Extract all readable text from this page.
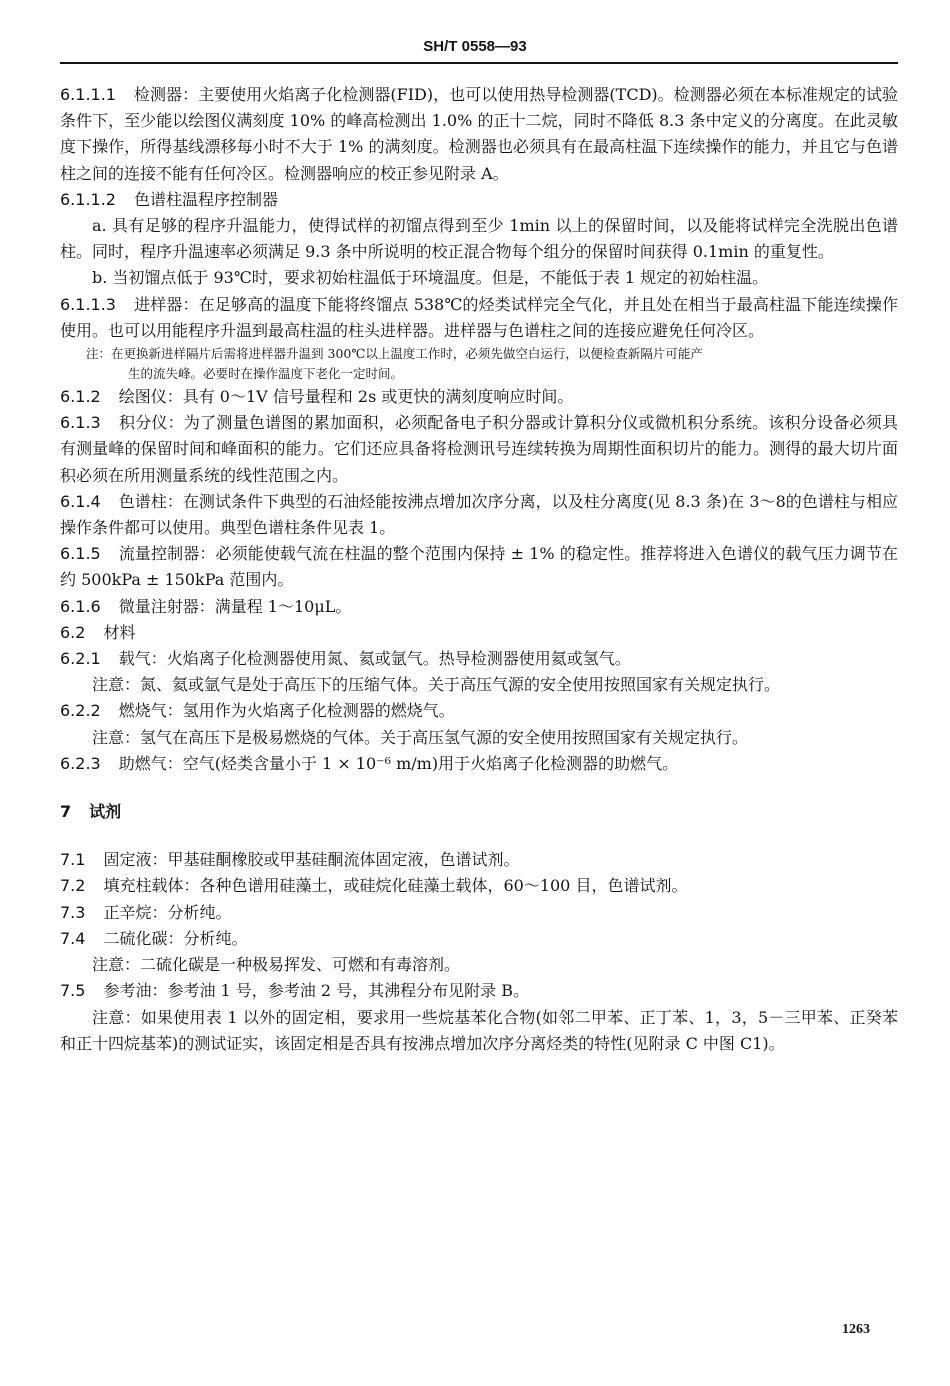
SH/T 0558—93

6.1.1.1 检测器：主要使用火焰离子化检测器(FID)，也可以使用热导检测器(TCD)。检测器必须在本标准规定的试验条件下，至少能以绘图仪满刻度 10% 的峰高检测出 1.0% 的正十二烷，同时不降低 8.3 条中定义的分离度。在此灵敏度下操作，所得基线漂移每小时不大于 1% 的满刻度。检测器也必须具有在最高柱温下连续操作的能力，并且它与色谱柱之间的连接不能有任何冷区。检测器响应的校正参见附录 A。

6.1.1.2 色谱柱温程序控制器

a. 具有足够的程序升温能力，使得试样的初馏点得到至少 1min 以上的保留时间，以及能将试样完全洗脱出色谱柱。同时，程序升温速率必须满足 9.3 条中所说明的校正混合物每个组分的保留时间获得 0.1min 的重复性。

b. 当初馏点低于 93℃时，要求初始柱温低于环境温度。但是，不能低于表 1 规定的初始柱温。

6.1.1.3 进样器：在足够高的温度下能将终馏点 538℃的烃类试样完全气化，并且处在相当于最高柱温下能连续操作使用。也可以用能程序升温到最高柱温的柱头进样器。进样器与色谱柱之间的连接应避免任何冷区。

注：在更换新进样隔片后需将进样器升温到 300℃以上温度工作时，必须先做空白运行，以便检查新隔片可能产
生的流失峰。必要时在操作温度下老化一定时间。

6.1.2 绘图仪：具有 0～1V 信号量程和 2s 或更快的满刻度响应时间。

6.1.3 积分仪：为了测量色谱图的累加面积，必须配备电子积分器或计算积分仪或微机积分系统。该积分设备必须具有测量峰的保留时间和峰面积的能力。它们还应具备将检测讯号连续转换为周期性面积切片的能力。测得的最大切片面积必须在所用测量系统的线性范围之内。

6.1.4 色谱柱：在测试条件下典型的石油烃能按沸点增加次序分离，以及柱分离度(见 8.3 条)在 3～8的色谱柱与相应操作条件都可以使用。典型色谱柱条件见表 1。

6.1.5 流量控制器：必须能使载气流在柱温的整个范围内保持 ± 1% 的稳定性。推荐将进入色谱仪的载气压力调节在约 500kPa ± 150kPa 范围内。

6.1.6 微量注射器：满量程 1～10μL。

6.2 材料

6.2.1 载气：火焰离子化检测器使用氮、氦或氩气。热导检测器使用氦或氢气。

注意：氮、氦或氩气是处于高压下的压缩气体。关于高压气源的安全使用按照国家有关规定执行。

6.2.2 燃烧气：氢用作为火焰离子化检测器的燃烧气。

注意：氢气在高压下是极易燃烧的气体。关于高压氢气源的安全使用按照国家有关规定执行。

6.2.3 助燃气：空气(烃类含量小于 1 × 10⁻⁶ m/m)用于火焰离子化检测器的助燃气。

7 试剂

7.1 固定液：甲基硅酮橡胶或甲基硅酮流体固定液，色谱试剂。

7.2 填充柱载体：各种色谱用硅藻土，或硅烷化硅藻土载体，60～100 目，色谱试剂。

7.3 正辛烷：分析纯。

7.4 二硫化碳：分析纯。

注意：二硫化碳是一种极易挥发、可燃和有毒溶剂。

7.5 参考油：参考油 1 号，参考油 2 号，其沸程分布见附录 B。

注意：如果使用表 1 以外的固定相，要求用一些烷基苯化合物(如邻二甲苯、正丁苯、1，3，5－三甲苯、正癸苯和正十四烷基苯)的测试证实，该固定相是否具有按沸点增加次序分离烃类的特性(见附录 C 中图 C1)。

1263
